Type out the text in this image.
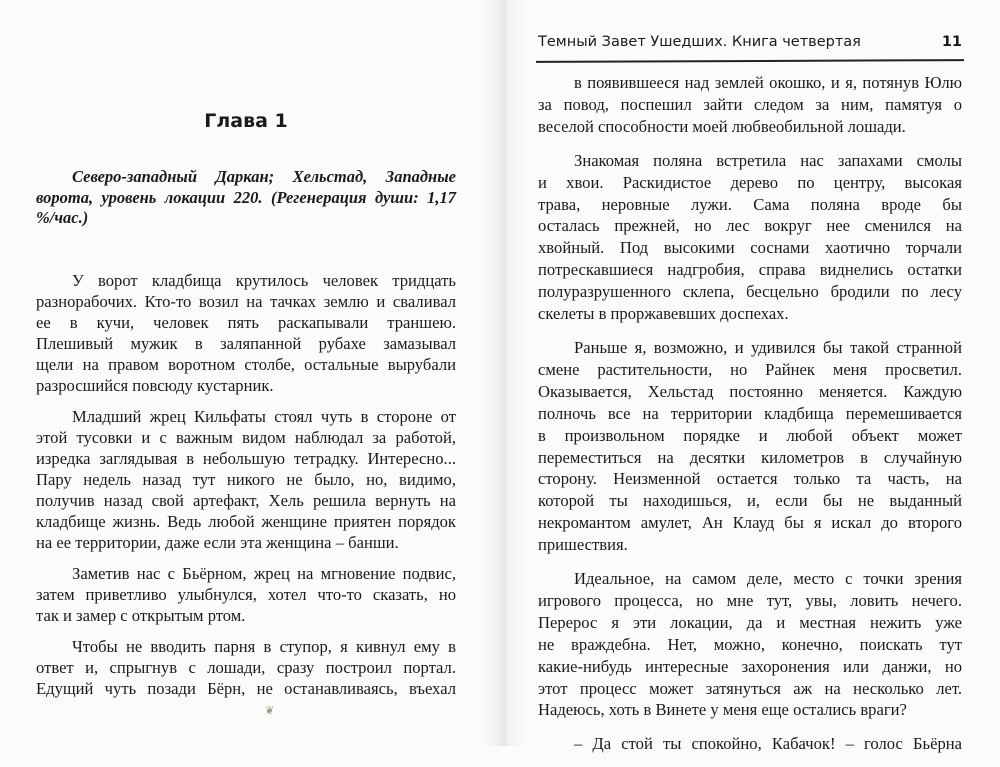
Глава 1
Северо-западный Даркан; Хельстад, Западные
ворота, уровень локации 220. (Регенерация души: 1,17
%/час.)
У ворот кладбища крутилось человек тридцать
разнорабочих. Кто-то возил на тачках землю и сваливал
ее в кучи, человек пять раскапывали траншею.
Плешивый мужик в заляпанной рубахе замазывал
щели на правом воротном столбе, остальные вырубали
разросшийся повсюду кустарник.
Младший жрец Кильфаты стоял чуть в стороне от
этой тусовки и с важным видом наблюдал за работой,
изредка заглядывая в небольшую тетрадку. Интересно...
Пару недель назад тут никого не было, но, видимо,
получив назад свой артефакт, Хель решила вернуть на
кладбище жизнь. Ведь любой женщине приятен порядок
на ее территории, даже если эта женщина – банши.
Заметив нас с Бьёрном, жрец на мгновение подвис,
затем приветливо улыбнулся, хотел что-то сказать, но
так и замер с открытым ртом.
Чтобы не вводить парня в ступор, я кивнул ему в
ответ и, спрыгнув с лошади, сразу построил портал.
Едущий чуть позади Бёрн, не останавливаясь, въехал
Темный Завет Ушедших. Книга четвертая	11
в появившееся над землей окошко, и я, потянув Юлю
за повод, поспешил зайти следом за ним, памятуя о
веселой способности моей любвеобильной лошади.
Знакомая поляна встретила нас запахами смолы
и хвои. Раскидистое дерево по центру, высокая
трава, неровные лужи. Сама поляна вроде бы
осталась прежней, но лес вокруг нее сменился на
хвойный. Под высокими соснами хаотично торчали
потрескавшиеся надгробия, справа виднелись остатки
полуразрушенного склепа, бесцельно бродили по лесу
скелеты в проржавевших доспехах.
Раньше я, возможно, и удивился бы такой странной
смене растительности, но Райнек меня просветил.
Оказывается, Хельстад постоянно меняется. Каждую
полночь все на территории кладбища перемешивается
в произвольном порядке и любой объект может
переместиться на десятки километров в случайную
сторону. Неизменной остается только та часть, на
которой ты находишься, и, если бы не выданный
некромантом амулет, Ан Клауд бы я искал до второго
пришествия.
Идеальное, на самом деле, место с точки зрения
игрового процесса, но мне тут, увы, ловить нечего.
Перерос я эти локации, да и местная нежить уже
не враждебна. Нет, можно, конечно, поискать тут
какие-нибудь интересные захоронения или данжи, но
этот процесс может затянуться аж на несколько лет.
Надеюсь, хоть в Винете у меня еще остались враги?
– Да стой ты спокойно, Кабачок! – голос Бьёрна
❦
